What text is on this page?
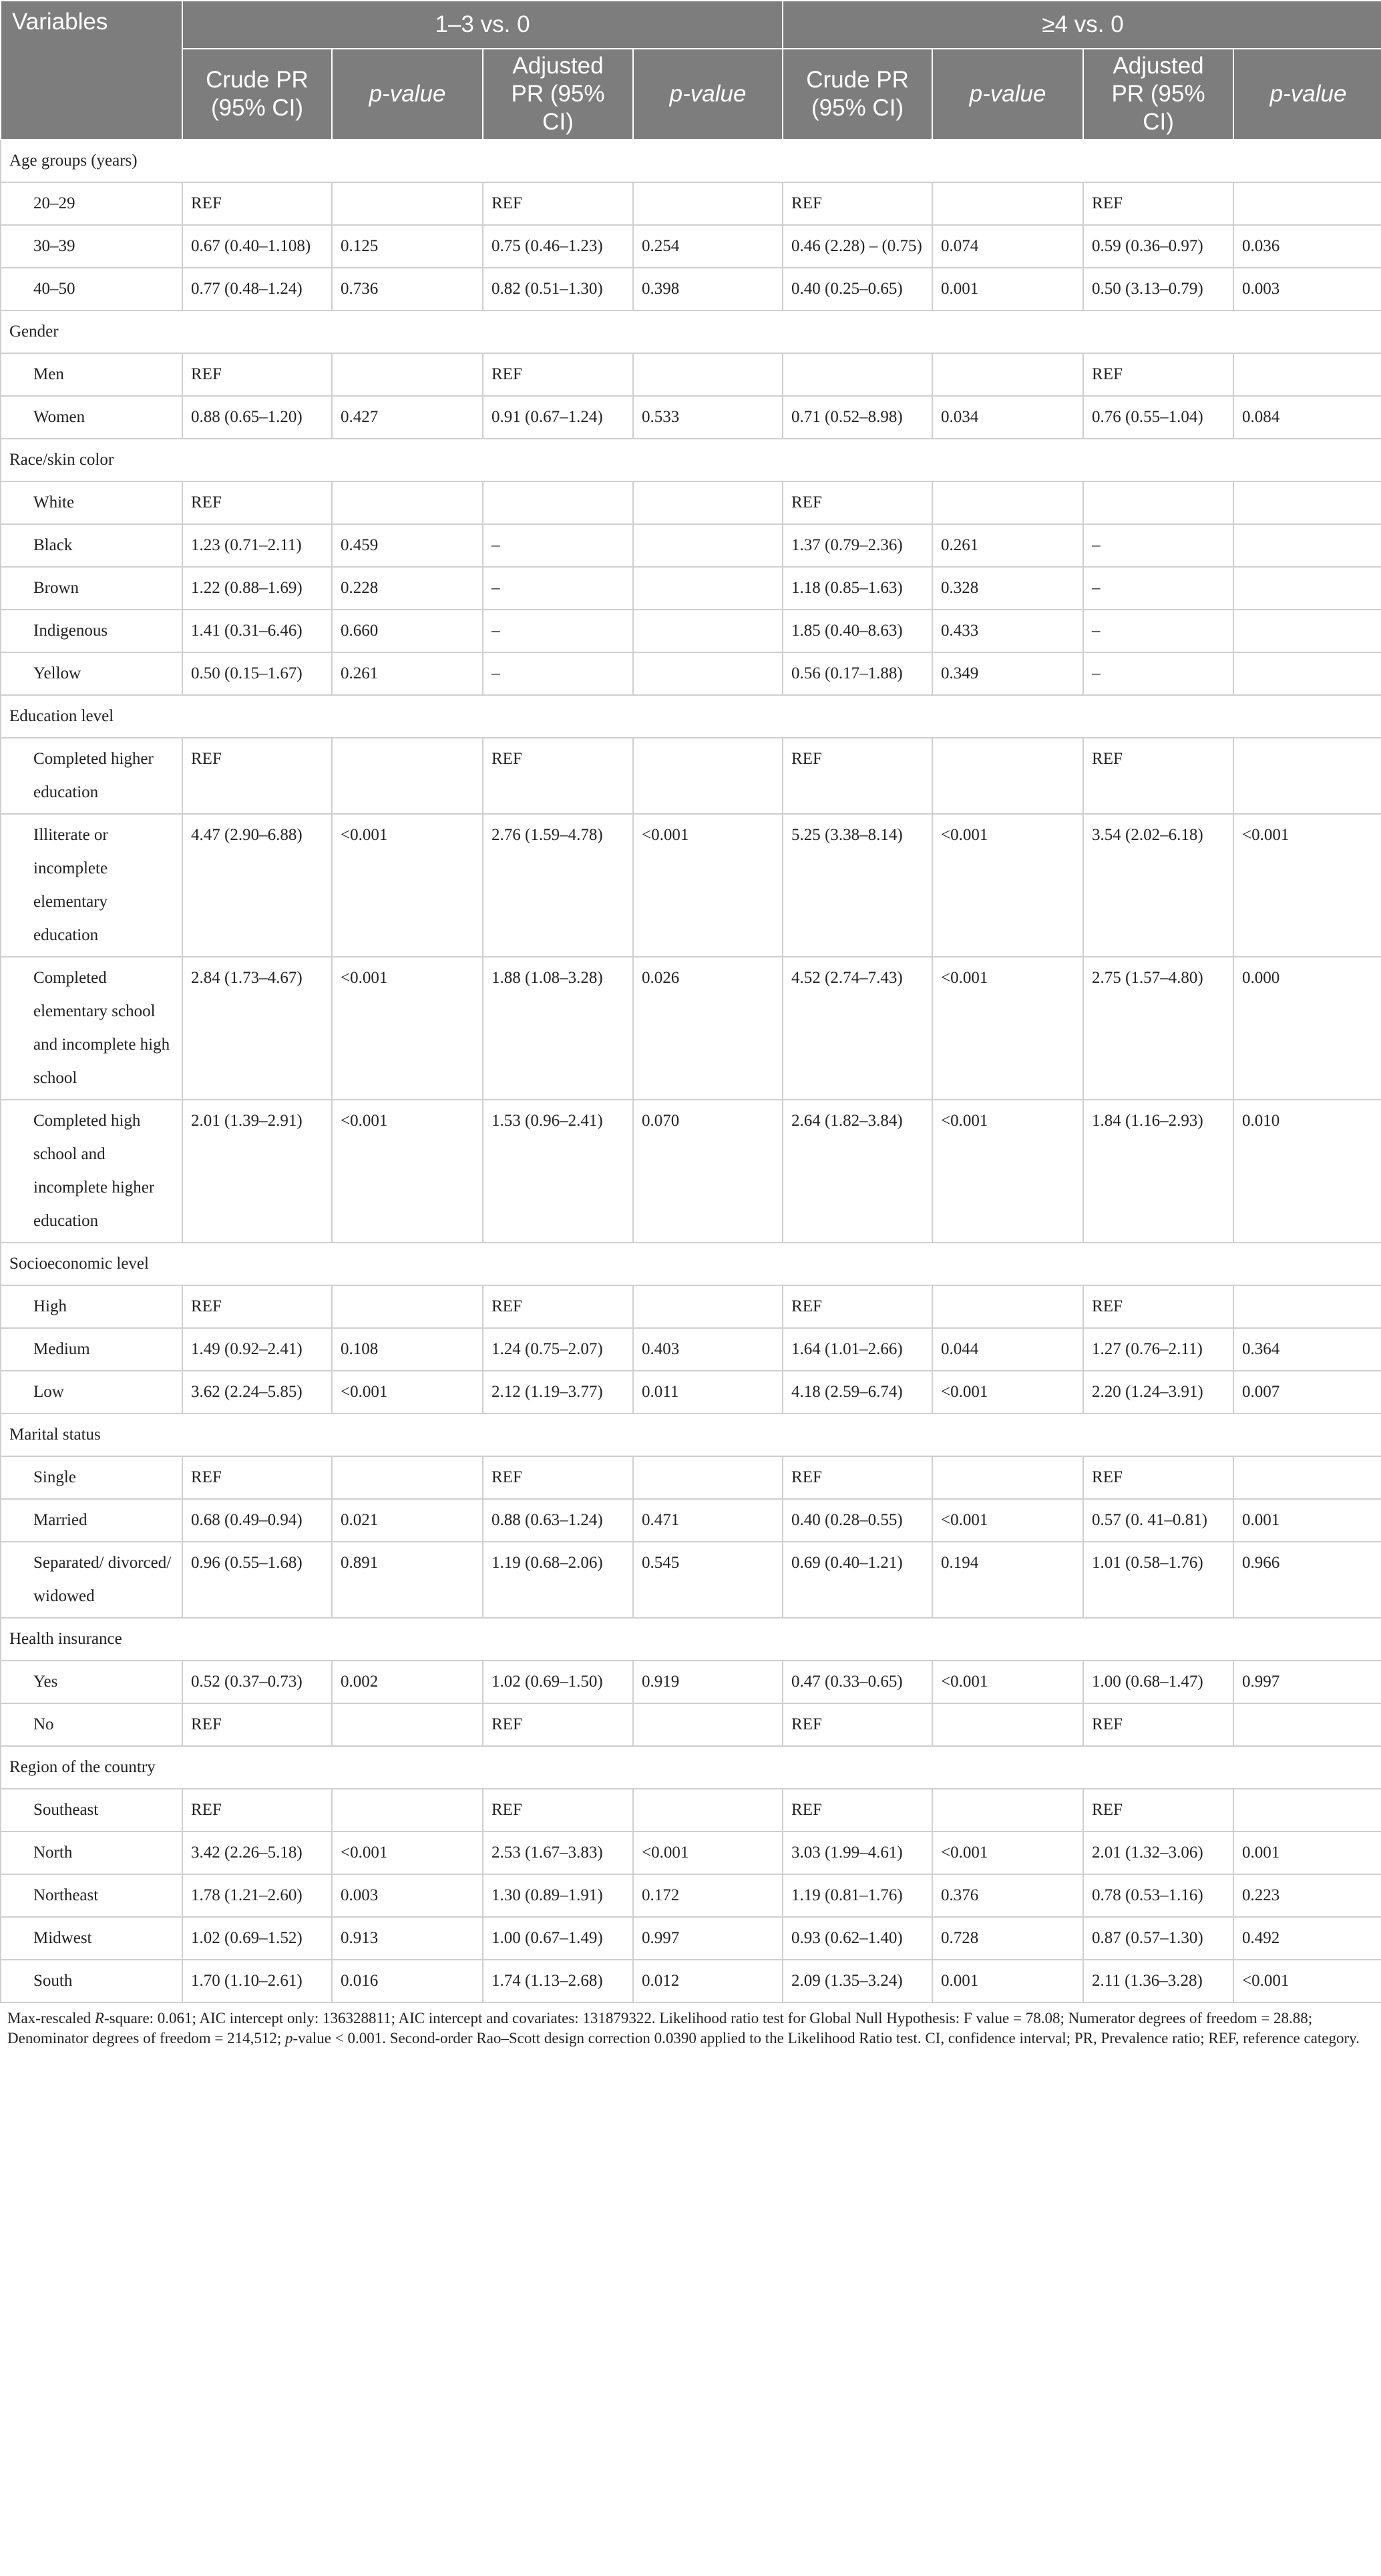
Variables	1–3 vs. 0				≥4 vs. 0			
	Crude PR (95% CI)	p-value	Adjusted PR (95% CI)	p-value	Crude PR (95% CI)	p-value	Adjusted PR (95% CI)	p-value
Age groups (years)								
20–29	REF		REF		REF		REF	
30–39	0.67 (0.40–1.108)	0.125	0.75 (0.46–1.23)	0.254	0.46 (2.28) – (0.75)	0.074	0.59 (0.36–0.97)	0.036
40–50	0.77 (0.48–1.24)	0.736	0.82 (0.51–1.30)	0.398	0.40 (0.25–0.65)	0.001	0.50 (3.13–0.79)	0.003
Gender								
Men	REF		REF				REF	
Women	0.88 (0.65–1.20)	0.427	0.91 (0.67–1.24)	0.533	0.71 (0.52–8.98)	0.034	0.76 (0.55–1.04)	0.084
Race/skin color								
White	REF				REF			
Black	1.23 (0.71–2.11)	0.459	–		1.37 (0.79–2.36)	0.261	–	
Brown	1.22 (0.88–1.69)	0.228	–		1.18 (0.85–1.63)	0.328	–	
Indigenous	1.41 (0.31–6.46)	0.660	–		1.85 (0.40–8.63)	0.433	–	
Yellow	0.50 (0.15–1.67)	0.261	–		0.56 (0.17–1.88)	0.349	–	
Education level								
Completed higher education	REF		REF		REF		REF	
Illiterate or incomplete elementary education	4.47 (2.90–6.88)	<0.001	2.76 (1.59–4.78)	<0.001	5.25 (3.38–8.14)	<0.001	3.54 (2.02–6.18)	<0.001
Completed elementary school and incomplete high school	2.84 (1.73–4.67)	<0.001	1.88 (1.08–3.28)	0.026	4.52 (2.74–7.43)	<0.001	2.75 (1.57–4.80)	0.000
Completed high school and incomplete higher education	2.01 (1.39–2.91)	<0.001	1.53 (0.96–2.41)	0.070	2.64 (1.82–3.84)	<0.001	1.84 (1.16–2.93)	0.010
Socioeconomic level								
High	REF		REF		REF		REF	
Medium	1.49 (0.92–2.41)	0.108	1.24 (0.75–2.07)	0.403	1.64 (1.01–2.66)	0.044	1.27 (0.76–2.11)	0.364
Low	3.62 (2.24–5.85)	<0.001	2.12 (1.19–3.77)	0.011	4.18 (2.59–6.74)	<0.001	2.20 (1.24–3.91)	0.007
Marital status								
Single	REF		REF		REF		REF	
Married	0.68 (0.49–0.94)	0.021	0.88 (0.63–1.24)	0.471	0.40 (0.28–0.55)	<0.001	0.57 (0. 41–0.81)	0.001
Separated/ divorced/ widowed	0.96 (0.55–1.68)	0.891	1.19 (0.68–2.06)	0.545	0.69 (0.40–1.21)	0.194	1.01 (0.58–1.76)	0.966
Health insurance								
Yes	0.52 (0.37–0.73)	0.002	1.02 (0.69–1.50)	0.919	0.47 (0.33–0.65)	<0.001	1.00 (0.68–1.47)	0.997
No	REF		REF		REF		REF	
Region of the country								
Southeast	REF		REF		REF		REF	
North	3.42 (2.26–5.18)	<0.001	2.53 (1.67–3.83)	<0.001	3.03 (1.99–4.61)	<0.001	2.01 (1.32–3.06)	0.001
Northeast	1.78 (1.21–2.60)	0.003	1.30 (0.89–1.91)	0.172	1.19 (0.81–1.76)	0.376	0.78 (0.53–1.16)	0.223
Midwest	1.02 (0.69–1.52)	0.913	1.00 (0.67–1.49)	0.997	0.93 (0.62–1.40)	0.728	0.87 (0.57–1.30)	0.492
South	1.70 (1.10–2.61)	0.016	1.74 (1.13–2.68)	0.012	2.09 (1.35–3.24)	0.001	2.11 (1.36–3.28)	<0.001
Max-rescaled R-square: 0.061; AIC intercept only: 136328811; AIC intercept and covariates: 131879322. Likelihood ratio test for Global Null Hypothesis: F value = 78.08; Numerator degrees of freedom = 28.88; Denominator degrees of freedom = 214,512; p-value < 0.001. Second-order Rao–Scott design correction 0.0390 applied to the Likelihood Ratio test. CI, confidence interval; PR, Prevalence ratio; REF, reference category.								
